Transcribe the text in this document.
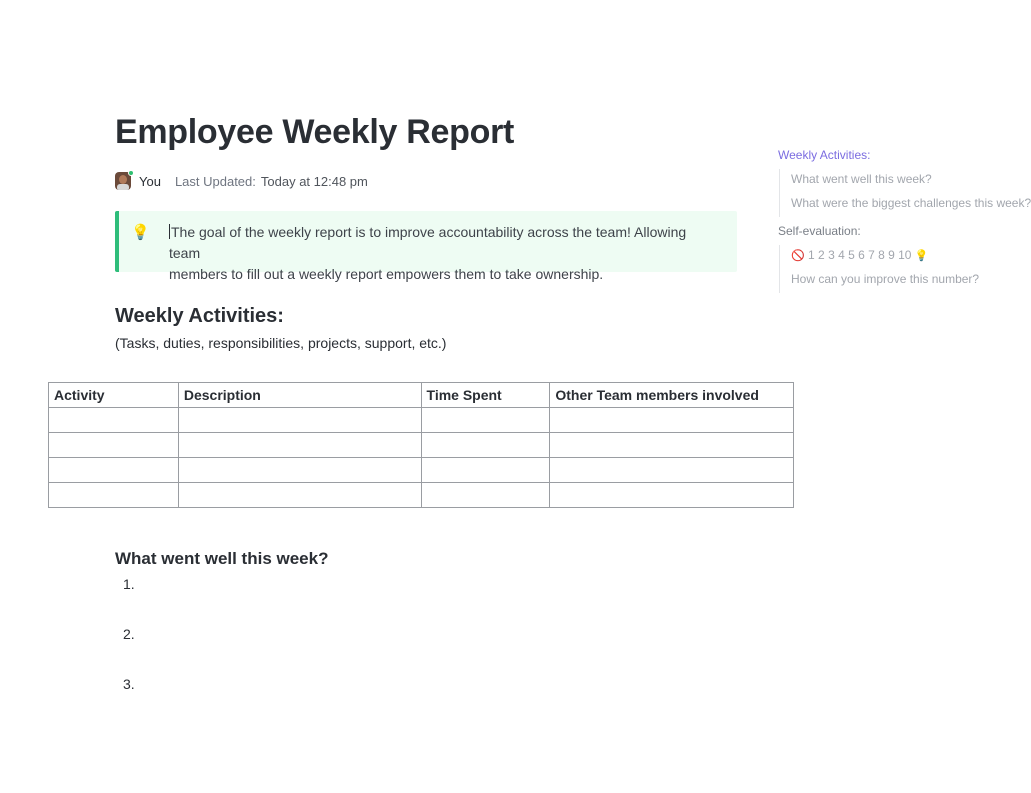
Employee Weekly Report
You Last Updated: Today at 12:48 pm
💡	The goal of the weekly report is to improve accountability across the team! Allowing team
members to fill out a weekly report empowers them to take ownership.
Weekly Activities:

(Tasks, duties, responsibilities, projects, support, etc.)

Activity	Description	Time Spent	Other Team members involved

What went well this week?
1.
2.
3.
Weekly Activities:
What went well this week?
What were the biggest challenges this week?
Self-evaluation:
🚫 1 2 3 4 5 6 7 8 9 10 💡
How can you improve this number?
